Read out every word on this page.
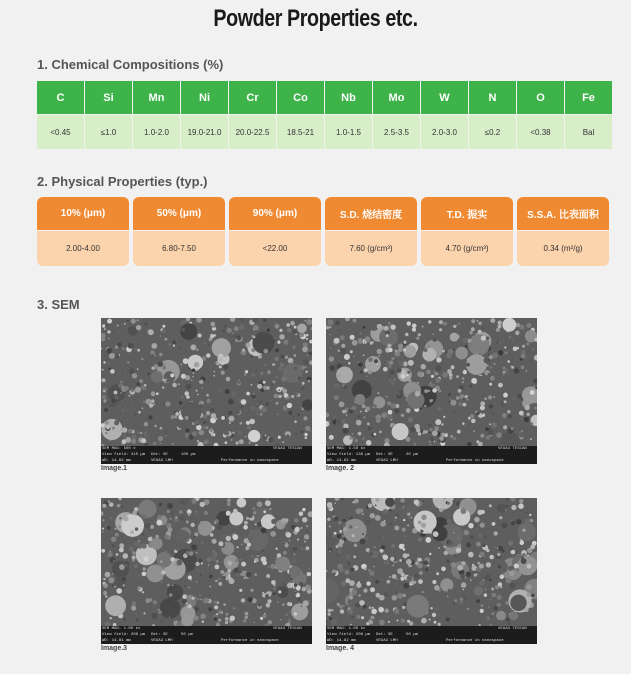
Powder Properties etc.
1. Chemical Compositions (%)
C	Si	Mn	Ni	Cr	Co	Nb	Mo	W	N	O	Fe
<0.45	≤1.0	1.0-2.0	19.0-21.0	20.0-22.5	18.5-21	1.0-1.5	2.5-3.5	2.0-3.0	≤0.2	<0.38	Bal
2. Physical Properties (typ.)
10% (μm)	50% (μm)	90% (μm)	S.D. 烧结密度	T.D. 振实	S.S.A. 比表面积
2.00-4.00	6.80-7.50	<22.00	7.60 (g/cm³)	4.70 (g/cm³)	0.34 (m²/g)
3. SEM
SEM MAG: 500 x
View field: 415 μm
WD: 14.82 mm
Det: SE	100 μm
VEGA3 TESCAN
VEGA3 LMH	Performance in nanospace
Image.1
SEM MAG: 1.50 kx
View field: 138 μm
WD: 14.82 mm
Det: SE	20 μm
VEGA3 TESCAN
VEGA3 LMH	Performance in nanospace
Image. 2
SEM MAG: 1.00 kx
View field: 208 μm
WD: 14.81 mm
Det: SE	50 μm
VEGA3 TESCAN
VEGA3 LMH	Performance in nanospace
Image.3
SEM MAG: 1.00 kx
View field: 208 μm
WD: 14.82 mm
Det: SE	50 μm
VEGA3 TESCAN
VEGA3 LMH	Performance in nanospace
Image. 4
